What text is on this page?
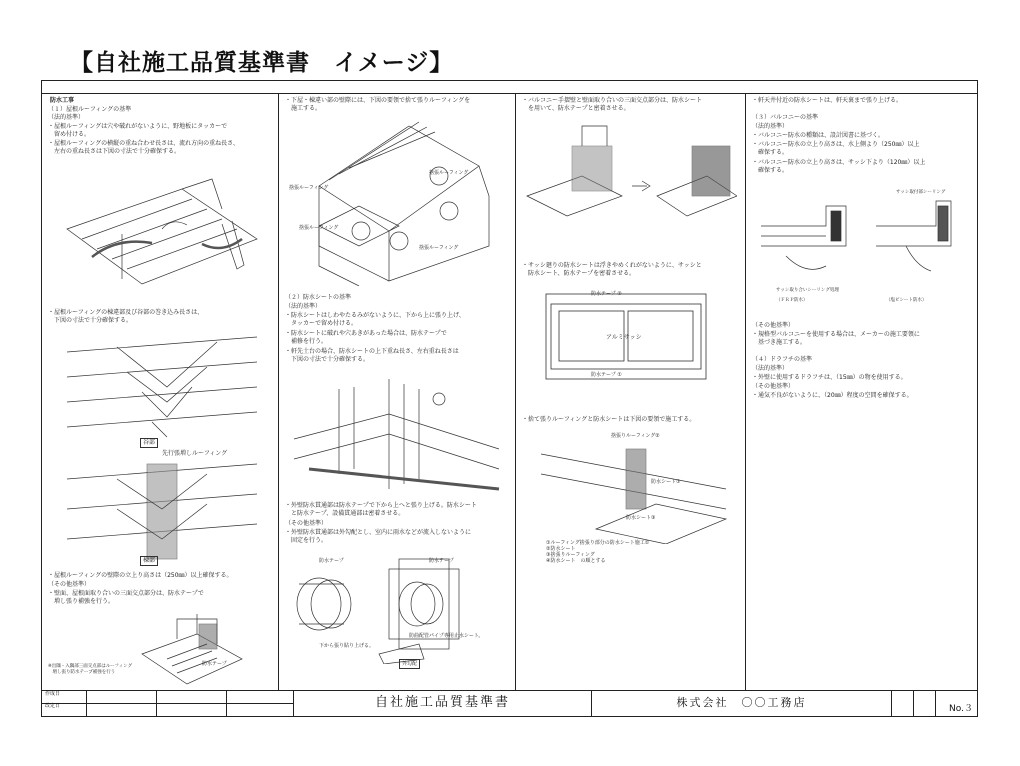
【自社施工品質基準書　イメージ】
防水工事
（１）屋根ルーフィングの基準
（法的基準）
・屋根ルーフィングは穴や破れがないように、野地板にタッカーで
　留め付ける。
・屋根ルーフィングの横縦の重ね合わせ長さは、流れ方向の重ね長さ、
　左右の重ね長さは下図の寸法で十分確保する。
・屋根ルーフィングの棟違部及び谷部の巻き込み長さは、
　下図の寸法で十分確保する。
谷部
先行張増しルーフィング
棟部
・屋根ルーフィングの壁際の立上り高さは（250㎜）以上確保する。
（その他基準）
・壁面、屋根面取り合いの三面交点部分は、防水テープで
　増し張り補強を行う。
※出隅・入隅部三面交点部はルーフィング
　増し張り防水テープ補強を行う
防水テープ
・下屋・棟違い部の壁際には、下図の要領で捨て張りルーフィングを
　施工する。
捨張ルーフィング
捨張ルーフィング
捨張ルーフィング
捨張ルーフィング
（２）防水シートの基準
（法的基準）
・防水シートはしわやたるみがないように、下から上に張り上げ、
　タッカーで留め付ける。
・防水シートに破れや穴あきがあった場合は、防水テープで
　補修を行う。
・軒先土台の場合、防水シートの上下重ね長さ、左右重ね長さは
　下図の寸法で十分確保する。
・外壁防水貫通部は防水テープで下から上へと張り上げる。防水シート
　と防水テープ、設備貫通部は密着させる。
（その他基準）
・外壁防水貫通部は外勾配とし、室内に雨水などが流入しないように
　固定を行う。
防水テープ	防水テープ
防曲配管パイプ専用止水シート。
下から張り貼り上げる。
外勾配
・バルコニー手摺壁と壁面取り合いの三面交点部分は、防水シート
　を用いて、防水テープと密着させる。
・サッシ廻りの防水シートは浮きやめくれがないように、サッシと
　防水シート、防水テープを密着させる。
防水テープ ②
防水テープ ①
アルミサッシ
・捨て張りルーフィングと防水シートは下図の要領で施工する。
捨張りルーフィング②
防水シート①
防水シート③
①ルーフィング捨張り部分の防水シート施工①
②防水シート
③捨張りルーフィング
④防水シート　の順とする
・軒天井付近の防水シートは、軒天裏まで張り上げる。
（３）バルコニーの基準
（法的基準）
・バルコニー防水の種類は、設計図書に基づく。
・バルコニー防水の立上り高さは、水上側より（250㎜）以上
　確保する。
・バルコニー防水の立上り高さは、サッシ下より（120㎜）以上
　確保する。
サッシ取付部シーリング
サッシ取り合いシーリング処理
（ＦＲＰ防水）	（塩ビシート防水）
（その他基準）
・規格型バルコニーを使用する場合は、メーカーの施工要領に
　基づき施工する。
（４）ドラフチの基準
（法的基準）
・外壁に使用するドラフチは、（15㎜）の物を使用する。
（その他基準）
・通気不良がないように、（20㎜）程度の空間を確保する。
作成日
改定日	自社施工品質基準書	株式会社　〇〇工務店	No.３
